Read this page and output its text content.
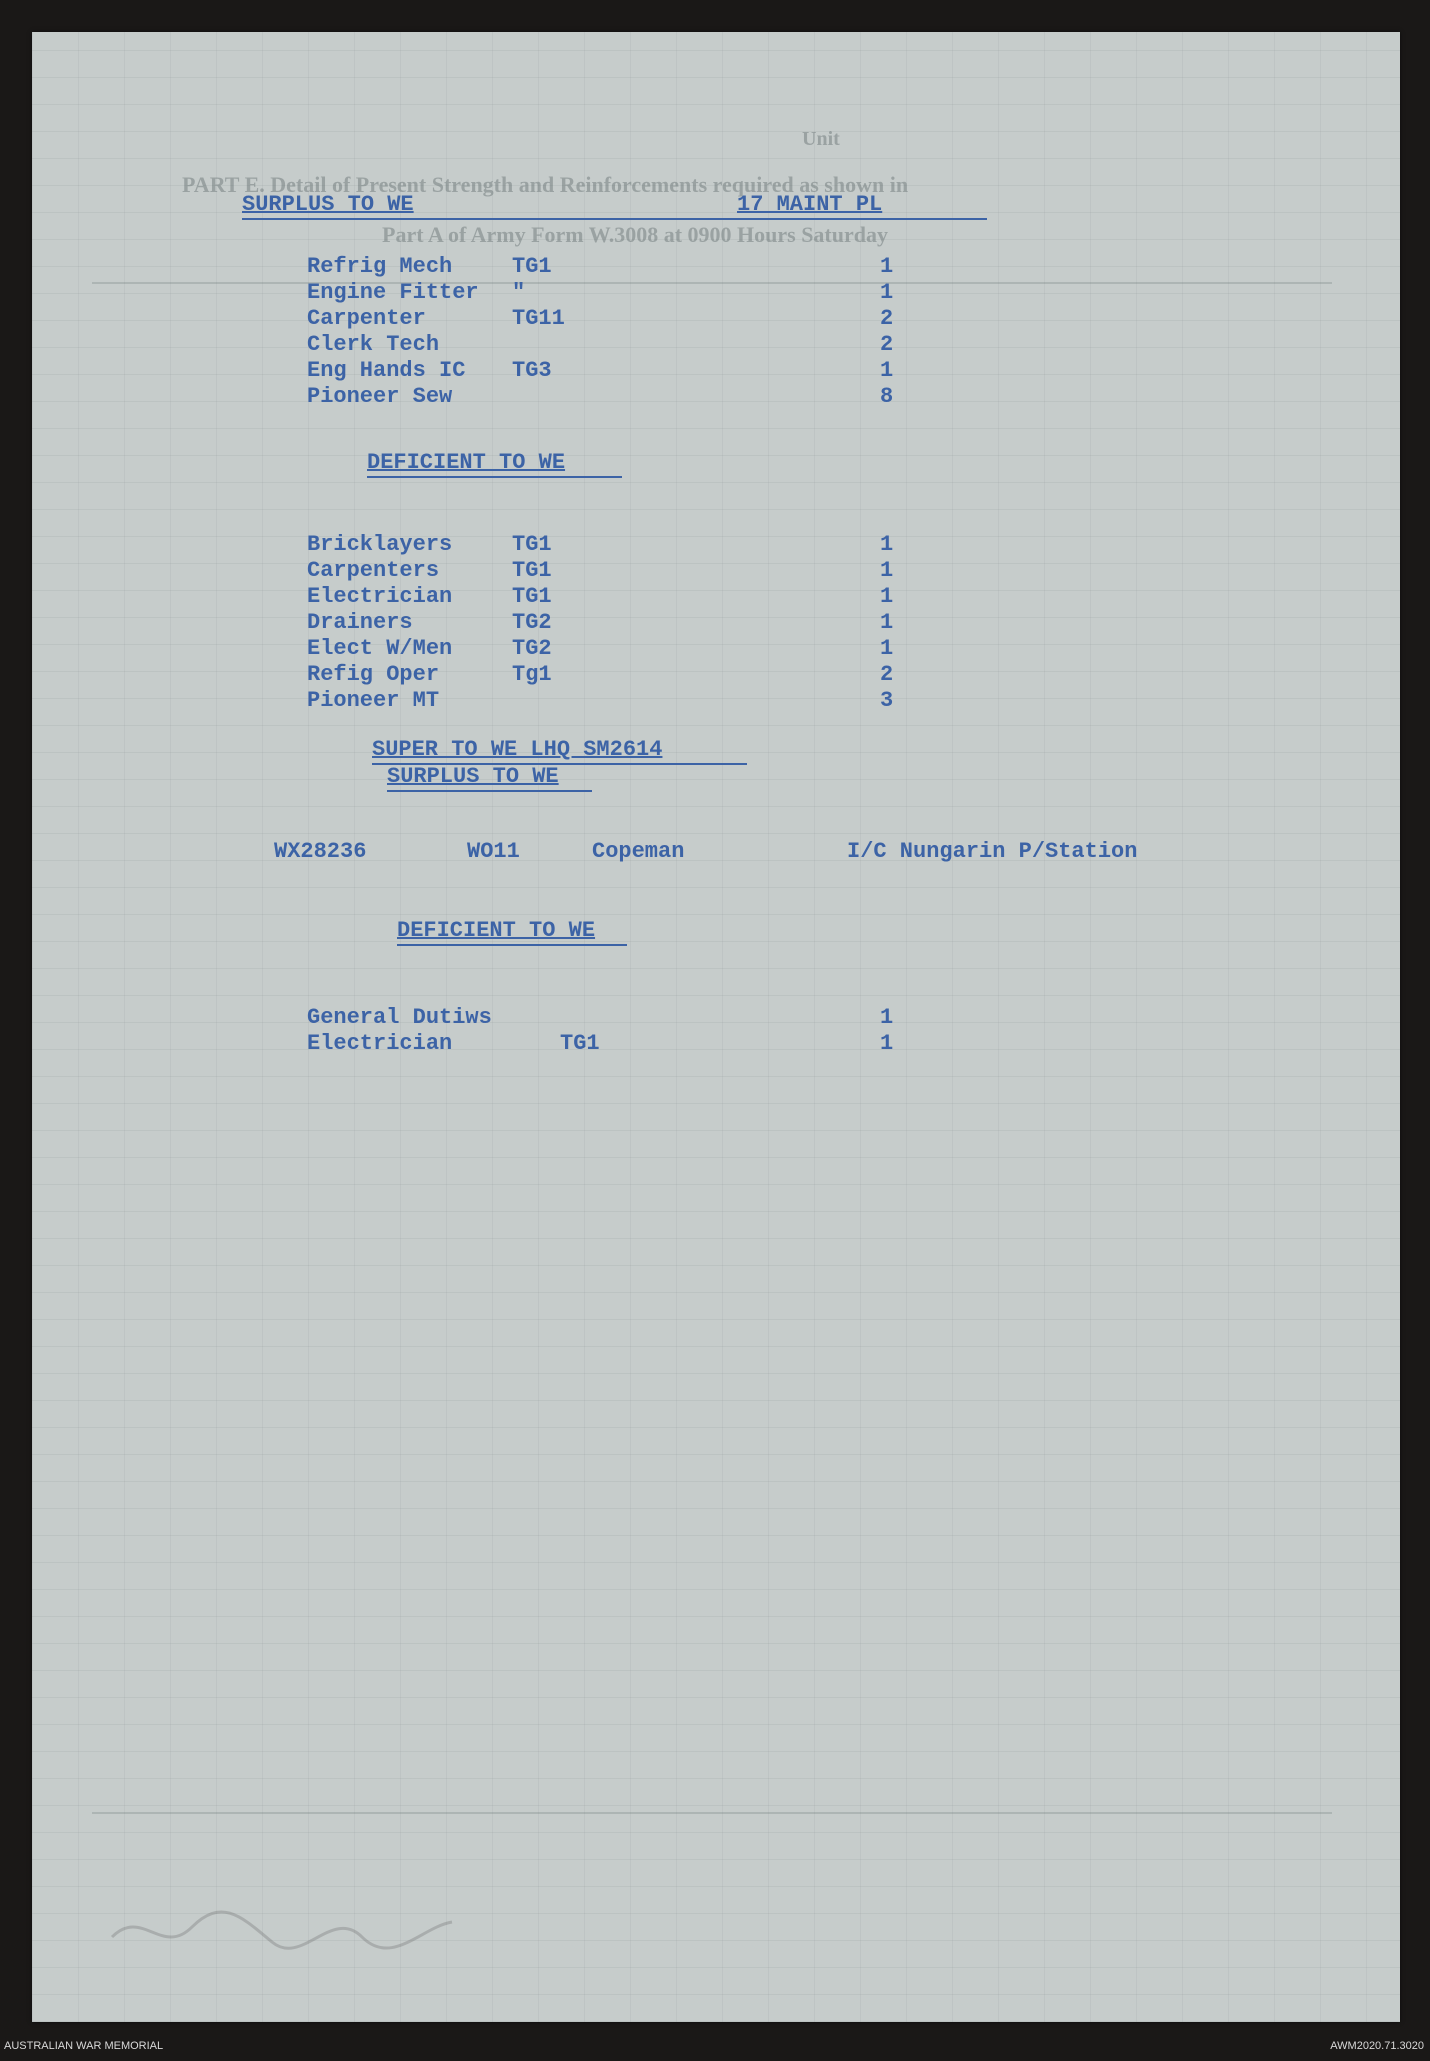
Unit
PART E. Detail of Present Strength and Reinforcements required as shown in
Part A of Army Form W.3008 at 0900 Hours Saturday
SURPLUS TO WE	17 MAINT PL
Refrig Mech	TG1	1
Engine Fitter "	1
Carpenter	TG11	2
Clerk Tech	2
Eng Hands IC TG3	1
Pioneer Sew	8
DEFICIENT TO WE
Bricklayers	TG1	1
Carpenters	TG1	1
Electrician	TG1	1
Drainers	TG2	1
Elect W/Men	TG2	1
Refig Oper	Tg1	2
Pioneer MT	3
SUPER TO WE LHQ SM2614
SURPLUS TO WE
WX28236	WO11	Copeman	I/C Nungarin P/Station
DEFICIENT TO WE
General Dutiws	1
Electrician	TG1	1
AUSTRALIAN WAR MEMORIAL	AWM2020.71.3020
